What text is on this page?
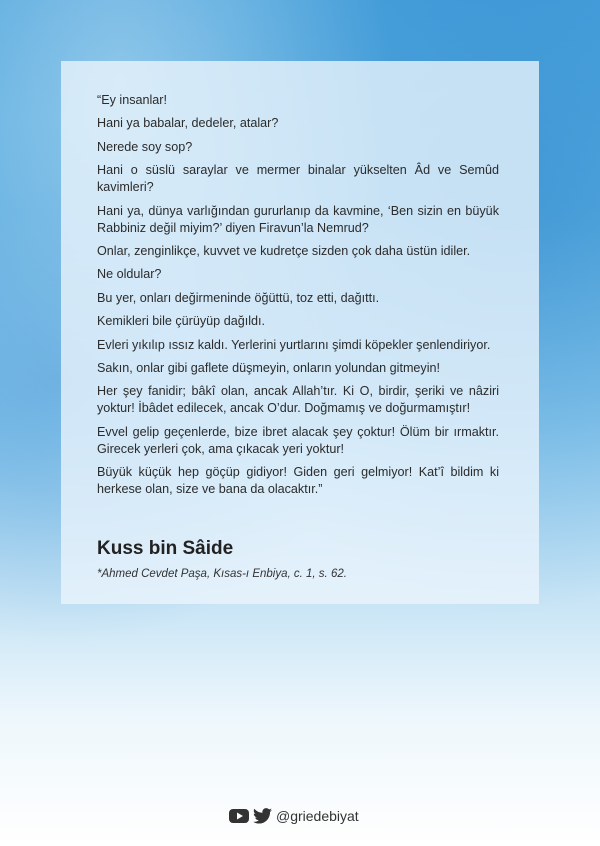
“Ey insanlar!

Hani ya babalar, dedeler, atalar?

Nerede soy sop?

Hani o süslü saraylar ve mermer binalar yükselten Âd ve Semûd kavimleri?

Hani ya, dünya varlığından gururlanıp da kavmine, ‘Ben sizin en büyük Rabbiniz değil miyim?’ diyen Firavun’la Nemrud?

Onlar, zenginlikçe, kuvvet ve kudretçe sizden çok daha üstün idiler.

Ne oldular?

Bu yer, onları değirmeninde öğüttü, toz etti, dağıttı.

Kemikleri bile çürüyüp dağıldı.

Evleri yıkılıp ıssız kaldı. Yerlerini yurtlarını şimdi köpekler şenlendiriyor.

Sakın, onlar gibi gaflete düşmeyin, onların yolundan gitmeyin!

Her şey fanidir; bâkî olan, ancak Allah’tır. Ki O, birdir, şeriki ve nâziri yoktur! İbâdet edilecek, ancak O’dur. Doğmamış ve doğurmamıştır!

Evvel gelip geçenlerde, bize ibret alacak şey çoktur! Ölüm bir ırmaktır. Girecek yerleri çok, ama çıkacak yeri yoktur!

Büyük küçük hep göçüp gidiyor! Giden geri gelmiyor! Kat’î bildim ki herkese olan, size ve bana da olacaktır.”

Kuss bin Sâide
*Ahmed Cevdet Paşa, Kısas-ı Enbiya, c. 1, s. 62.
@griedebiyat
